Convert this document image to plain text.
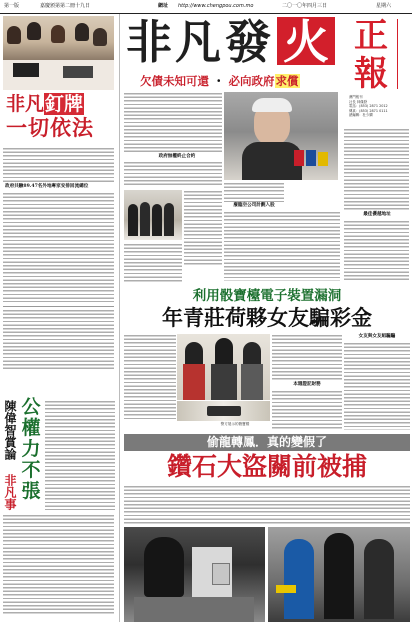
第一版	嘉慶頒第第二冊十九日	網址 http://www.chengpou.com.mo	二〇一〇年四月三日	星期六
非凡釘牌
一切依法
政府共驗89.47名外地專家安排回流總位
陳偉智賞論
非凡事
公
權
力
不
張
非 凡 發 火
欠債未知可還 ・ 必向政府求償
正
報
澳門報刊
社長 林傑發
電話：(853) 2871 2012
傳真：(853) 2871 0111
總編輯：杜少嫻
政府無權終止合約
廢臨空公司計劃入股
最佳優越地址
利用骰寶檯電子裝置漏洞
年青莊荷夥女友騙彩金
警方展示的骰寶檯
女友與女友組騙騙
本週證記財務
偷龍轉鳳．真的變假了
鑽石大盜關前被捕
